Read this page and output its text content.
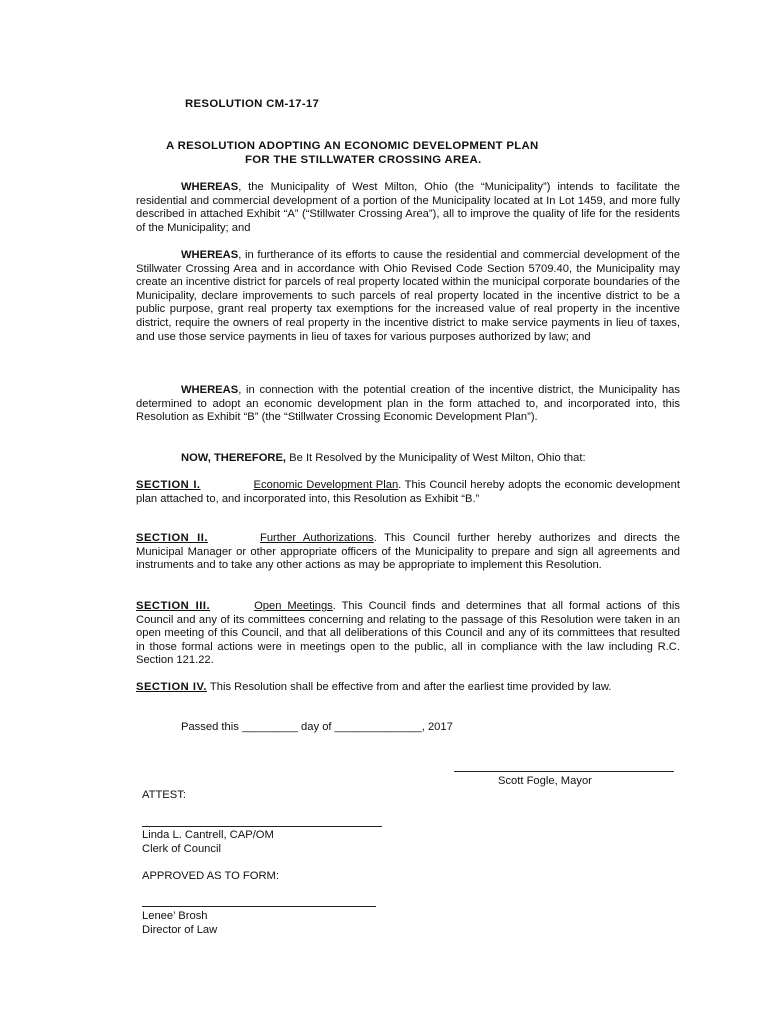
RESOLUTION CM-17-17
A RESOLUTION ADOPTING AN ECONOMIC DEVELOPMENT PLAN
FOR THE STILLWATER CROSSING AREA.

WHEREAS, the Municipality of West Milton, Ohio (the “Municipality”) intends to facilitate the residential and commercial development of a portion of the Municipality located at In Lot 1459, and more fully described in attached Exhibit “A” (“Stillwater Crossing Area”), all to improve the quality of life for the residents of the Municipality; and

WHEREAS, in furtherance of its efforts to cause the residential and commercial development of the Stillwater Crossing Area and in accordance with Ohio Revised Code Section 5709.40, the Municipality may create an incentive district for parcels of real property located within the municipal corporate boundaries of the Municipality, declare improvements to such parcels of real property located in the incentive district to be a public purpose, grant real property tax exemptions for the increased value of real property in the incentive district, require the owners of real property in the incentive district to make service payments in lieu of taxes, and use those service payments in lieu of taxes for various purposes authorized by law; and

WHEREAS, in connection with the potential creation of the incentive district, the Municipality has determined to adopt an economic development plan in the form attached to, and incorporated into, this Resolution as Exhibit “B” (the “Stillwater Crossing Economic Development Plan”).

NOW, THEREFORE, Be It Resolved by the Municipality of West Milton, Ohio that:

SECTION I.	Economic Development Plan. This Council hereby adopts the economic development plan attached to, and incorporated into, this Resolution as Exhibit “B.”

SECTION II.	Further Authorizations. This Council further hereby authorizes and directs the Municipal Manager or other appropriate officers of the Municipality to prepare and sign all agreements and instruments and to take any other actions as may be appropriate to implement this Resolution.

SECTION III.	Open Meetings. This Council finds and determines that all formal actions of this Council and any of its committees concerning and relating to the passage of this Resolution were taken in an open meeting of this Council, and that all deliberations of this Council and any of its committees that resulted in those formal actions were in meetings open to the public, all in compliance with the law including R.C. Section 121.22.

SECTION IV. This Resolution shall be effective from and after the earliest time provided by law.

Passed this _________ day of ______________, 2017
Scott Fogle, Mayor
ATTEST:
Linda L. Cantrell, CAP/OM
Clerk of Council
APPROVED AS TO FORM:
Lenee’ Brosh
Director of Law
